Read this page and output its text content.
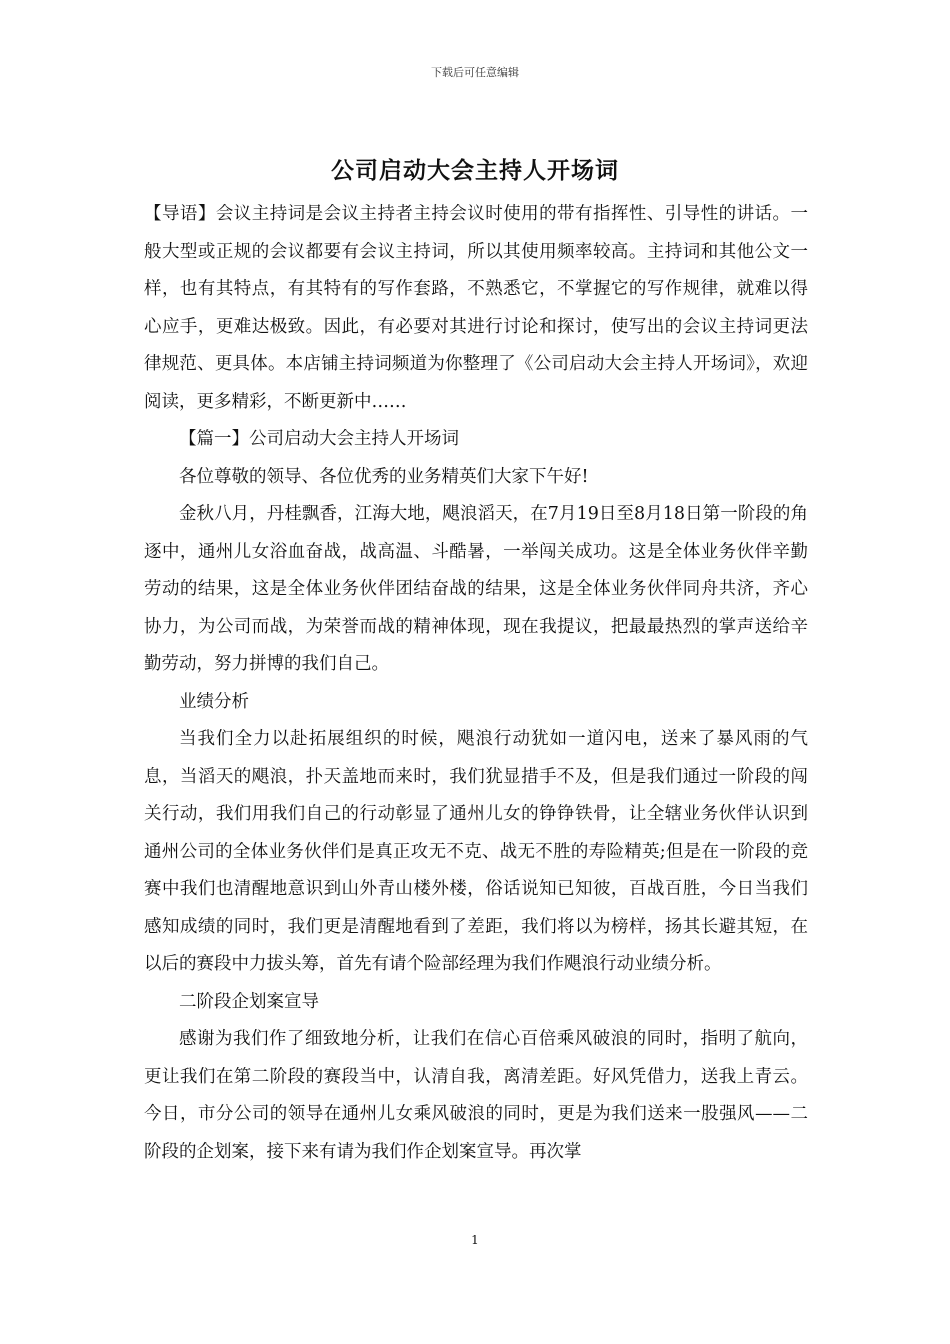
下载后可任意编辑
公司启动大会主持人开场词

【导语】会议主持词是会议主持者主持会议时使用的带有指挥性、引导性的讲话。一般大型或正规的会议都要有会议主持词，所以其使用频率较高。主持词和其他公文一样，也有其特点，有其特有的写作套路，不熟悉它，不掌握它的写作规律，就难以得心应手，更难达极致。因此，有必要对其进行讨论和探讨，使写出的会议主持词更法律规范、更具体。本店铺主持词频道为你整理了《公司启动大会主持人开场词》，欢迎阅读，更多精彩，不断更新中……

【篇一】公司启动大会主持人开场词

各位尊敬的领导、各位优秀的业务精英们大家下午好!

金秋八月，丹桂飘香，江海大地，飓浪滔天，在7月19日至8月18日第一阶段的角逐中，通州儿女浴血奋战，战高温、斗酷暑，一举闯关成功。这是全体业务伙伴辛勤劳动的结果，这是全体业务伙伴团结奋战的结果，这是全体业务伙伴同舟共济，齐心协力，为公司而战，为荣誉而战的精神体现，现在我提议，把最最热烈的掌声送给辛勤劳动，努力拼博的我们自己。

业绩分析

当我们全力以赴拓展组织的时候，飓浪行动犹如一道闪电，送来了暴风雨的气息，当滔天的飓浪，扑天盖地而来时，我们犹显措手不及，但是我们通过一阶段的闯关行动，我们用我们自己的行动彰显了通州儿女的铮铮铁骨，让全辖业务伙伴认识到通州公司的全体业务伙伴们是真正攻无不克、战无不胜的寿险精英;但是在一阶段的竞赛中我们也清醒地意识到山外青山楼外楼，俗话说知已知彼，百战百胜，今日当我们感知成绩的同时，我们更是清醒地看到了差距，我们将以为榜样，扬其长避其短，在以后的赛段中力拔头筹，首先有请个险部经理为我们作飓浪行动业绩分析。

二阶段企划案宣导

感谢为我们作了细致地分析，让我们在信心百倍乘风破浪的同时，指明了航向，更让我们在第二阶段的赛段当中，认清自我，离清差距。好风凭借力，送我上青云。今日，市分公司的领导在通州儿女乘风破浪的同时，更是为我们送来一股强风——二阶段的企划案，接下来有请为我们作企划案宣导。再次掌

1
